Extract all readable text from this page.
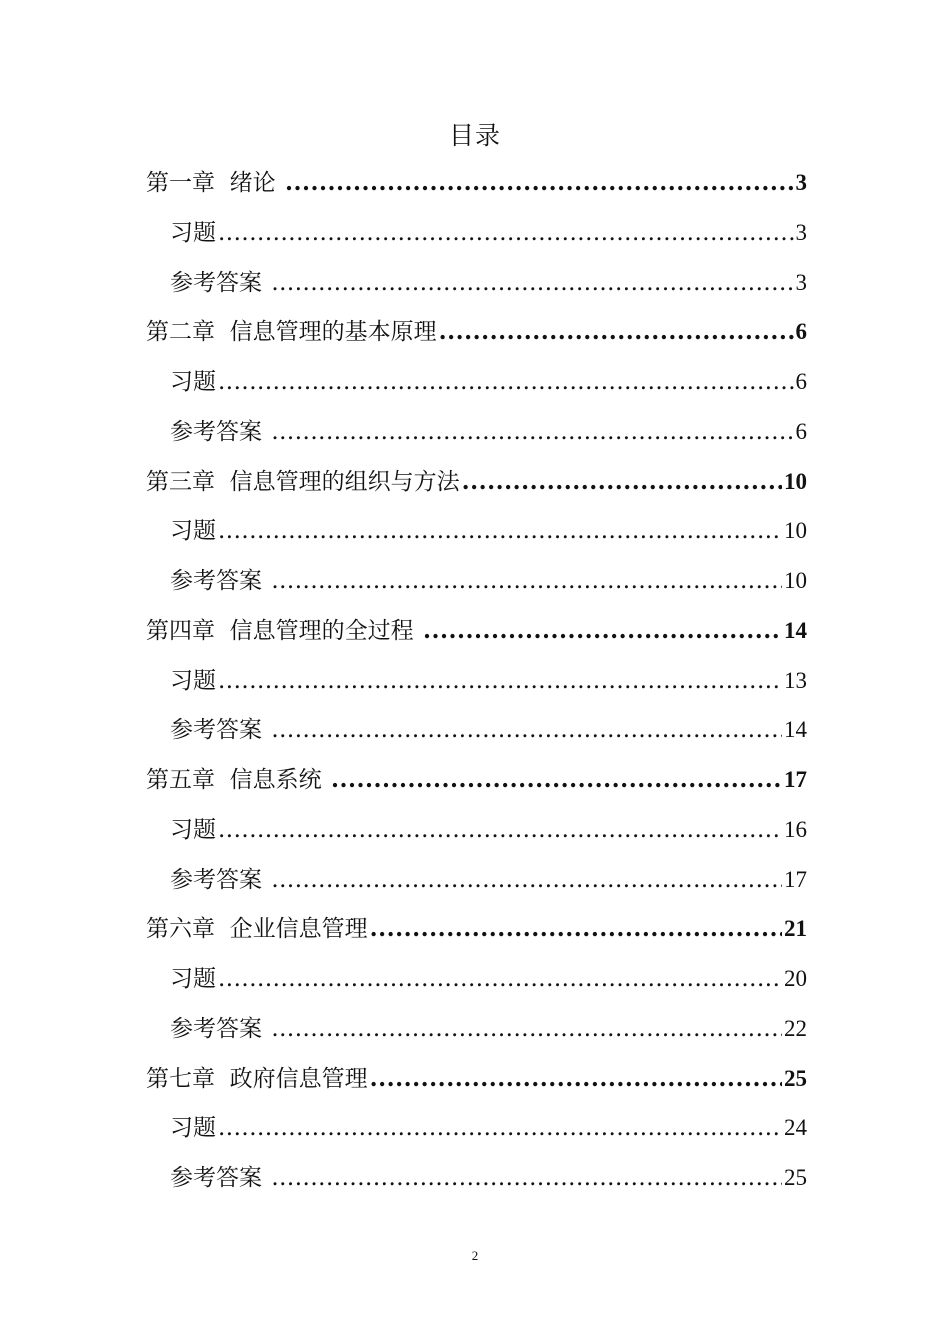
目录
第一章  绪论 .....	3
习题 .....	3
参考答案 .....	3
第二章  信息管理的基本原理 .....	6
习题 .....	6
参考答案 .....	6
第三章  信息管理的组织与方法 .....	10
习题 .....	10
参考答案 .....	10
第四章  信息管理的全过程 .....	14
习题 .....	13
参考答案 .....	14
第五章  信息系统 .....	17
习题 .....	16
参考答案 .....	17
第六章  企业信息管理 .....	21
习题 .....	20
参考答案 .....	22
第七章  政府信息管理 .....	25
习题 .....	24
参考答案 .....	25
2
